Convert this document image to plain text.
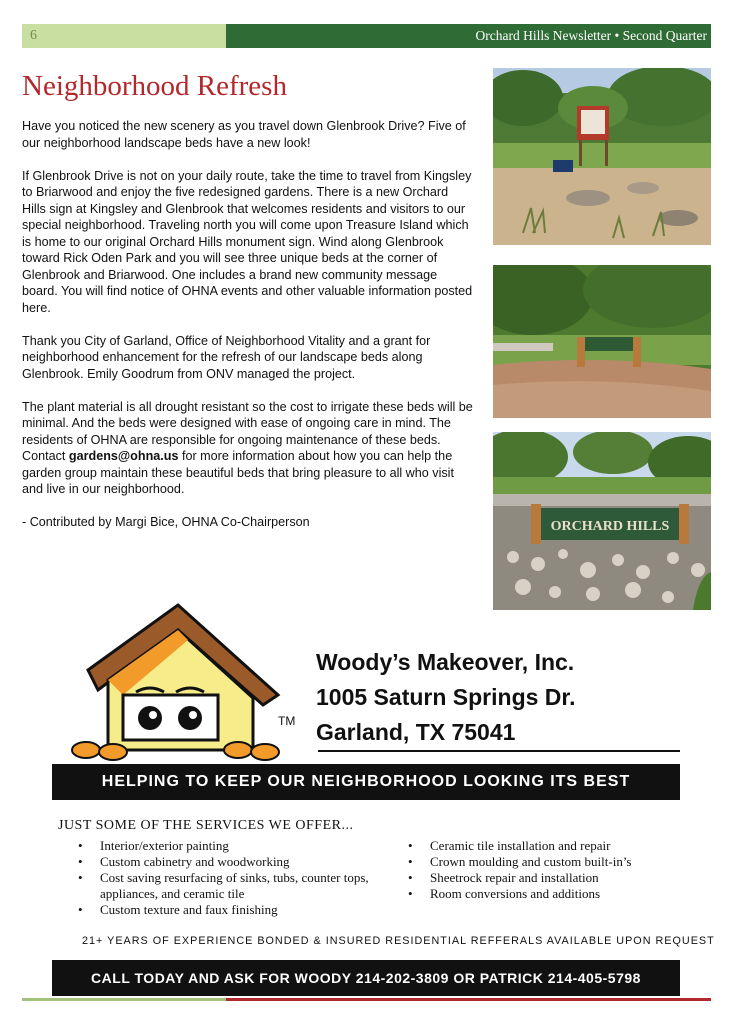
6	Orchard Hills Newsletter • Second Quarter
Neighborhood Refresh

Have you noticed the new scenery as you travel down Glenbrook Drive? Five of our neighborhood landscape beds have a new look!

If Glenbrook Drive is not on your daily route, take the time to travel from Kingsley to Briarwood and enjoy the five redesigned gardens. There is a new Orchard Hills sign at Kingsley and Glenbrook that welcomes residents and visitors to our special neighborhood. Traveling north you will come upon Treasure Island which is home to our original Orchard Hills monument sign. Wind along Glenbrook toward Rick Oden Park and you will see three unique beds at the corner of Glenbrook and Briarwood. One includes a brand new community message board. You will find notice of OHNA events and other valuable information posted here.

Thank you City of Garland, Office of Neighborhood Vitality and a grant for neighborhood enhancement for the refresh of our landscape beds along Glenbrook. Emily Goodrum from ONV managed the project.

The plant material is all drought resistant so the cost to irrigate these beds will be minimal. And the beds were designed with ease of ongoing care in mind. The residents of OHNA are responsible for ongoing maintenance of these beds. Contact gardens@ohna.us for more information about how you can help the garden group maintain these beautiful beds that bring pleasure to all who visit and live in our neighborhood.

- Contributed by Margi Bice, OHNA Co-Chairperson	ORCHARD HILLS
TM
Woody’s Makeover, Inc.
1005 Saturn Springs Dr.
Garland, TX 75041
HELPING TO KEEP OUR NEIGHBORHOOD LOOKING ITS BEST
JUST SOME OF THE SERVICES WE OFFER...
• Interior/exterior painting
• Custom cabinetry and woodworking
• Cost saving resurfacing of sinks, tubs, counter tops, appliances, and ceramic tile
• Custom texture and faux finishing
• Ceramic tile installation and repair
• Crown moulding and custom built-in’s
• Sheetrock repair and installation
• Room conversions and additions
21+ YEARS OF EXPERIENCE BONDED & INSURED RESIDENTIAL REFFERALS AVAILABLE UPON REQUEST
CALL TODAY AND ASK FOR WOODY 214-202-3809 OR PATRICK 214-405-5798
